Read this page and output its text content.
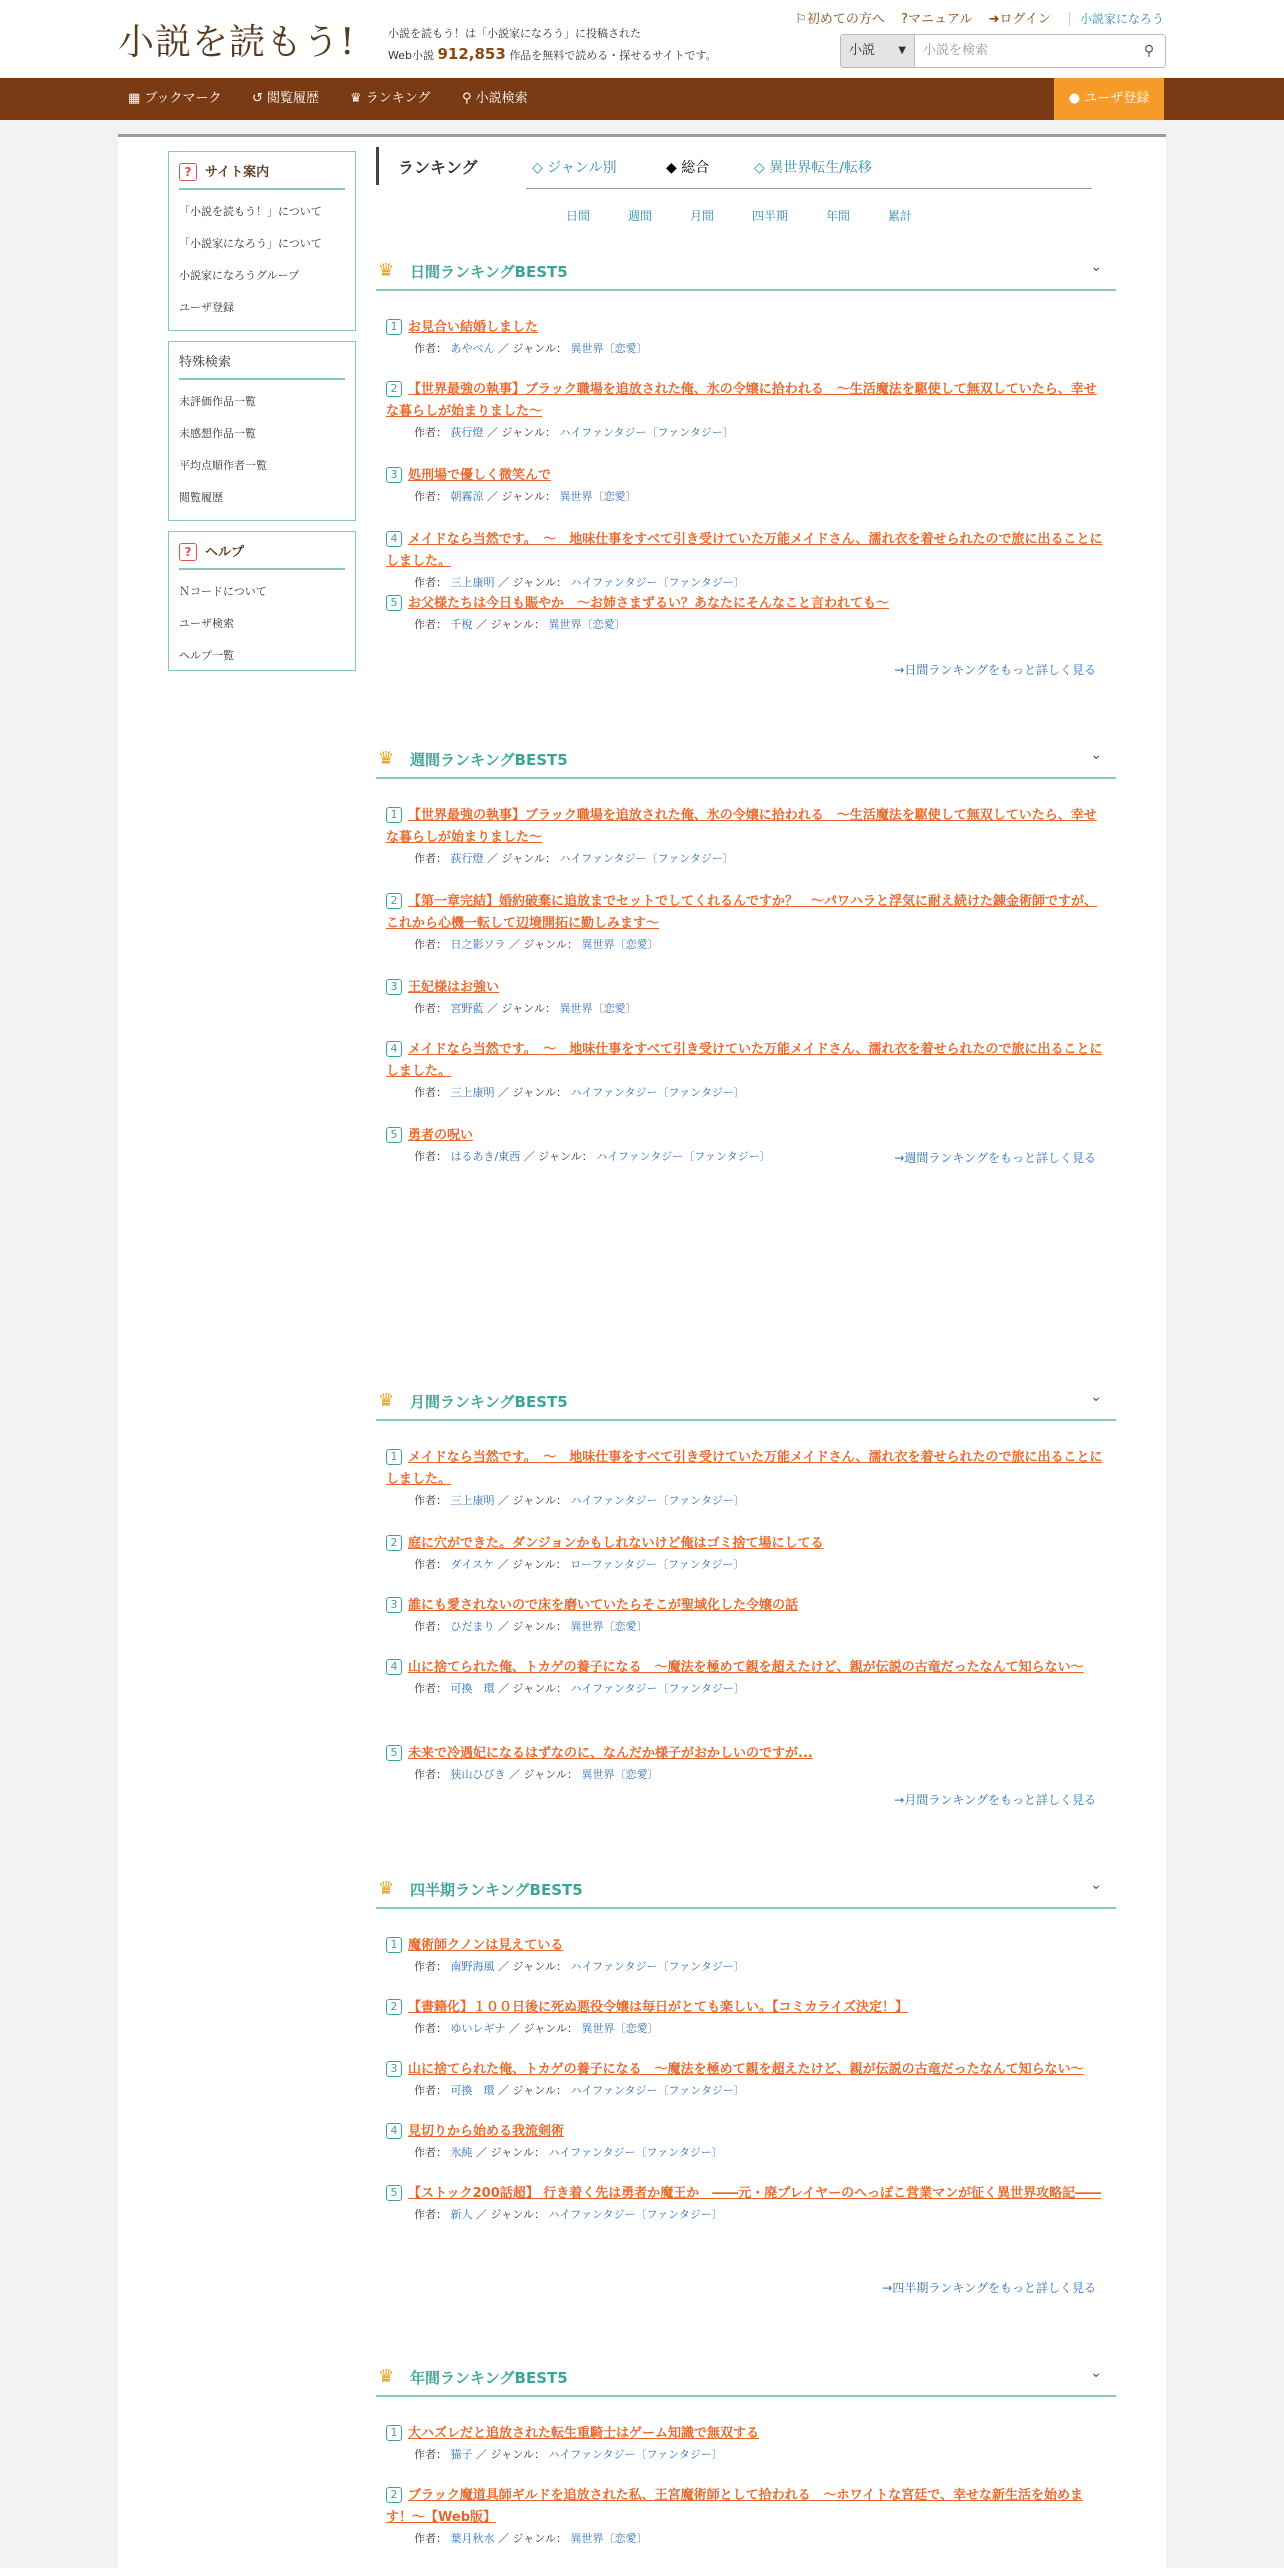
小説を読もう!	小説を読もう！は「小説家になろう」に投稿された
Web小説 912,853 作品を無料で読める・探せるサイトです。
⚐初めての方へ ?マニュアル ➜ログイン 小説家になろう
小説 ▼ 小説を検索	⚲
▦ ブックマーク ↺ 閲覧履歴 ♛ ランキング ⚲ 小説検索	● ユーザ登録
? サイト案内
「小説を読もう！」について
「小説家になろう」について
小説家になろうグループ
ユーザ登録
特殊検索
未評価作品一覧
未感想作品一覧
平均点順作者一覧
閲覧履歴
? ヘルプ
Ｎコードについて
ユーザ検索
ヘルプ一覧
ランキング	◇ ジャンル別	◆ 総合	◇ 異世界転生/転移
日間	週間	月間	四半期	年間	累計
♛ 日間ランキングBEST5	⌄
1 お見合い結婚しました
作者： あやべん ／ ジャンル： 異世界〔恋愛〕
2 【世界最強の執事】ブラック職場を追放された俺、氷の令嬢に拾われる　～生活魔法を駆使して無双していたら、幸せな暮らしが始まりました～
作者： 荻行燈 ／ ジャンル： ハイファンタジー〔ファンタジー〕
3 処刑場で優しく微笑んで
作者： 朝霧涼 ／ ジャンル： 異世界〔恋愛〕
4 メイドなら当然です。　〜　地味仕事をすべて引き受けていた万能メイドさん、濡れ衣を着せられたので旅に出ることにしました。
作者： 三上康明 ／ ジャンル： ハイファンタジー〔ファンタジー〕
5 お父様たちは今日も賑やか　～お姉さまずるい？あなたにそんなこと言われても～
作者： 千梲 ／ ジャンル： 異世界〔恋愛〕
→日間ランキングをもっと詳しく見る
♛ 週間ランキングBEST5	⌄
1 【世界最強の執事】ブラック職場を追放された俺、氷の令嬢に拾われる　～生活魔法を駆使して無双していたら、幸せな暮らしが始まりました～
作者： 荻行燈 ／ ジャンル： ハイファンタジー〔ファンタジー〕
2 【第一章完結】婚約破棄に追放までセットでしてくれるんですか？　～パワハラと浮気に耐え続けた錬金術師ですが、これから心機一転して辺境開拓に勤しみます～
作者： 日之影ソラ ／ ジャンル： 異世界〔恋愛〕
3 王妃様はお強い
作者： 宮野藍 ／ ジャンル： 異世界〔恋愛〕
4 メイドなら当然です。　〜　地味仕事をすべて引き受けていた万能メイドさん、濡れ衣を着せられたので旅に出ることにしました。
作者： 三上康明 ／ ジャンル： ハイファンタジー〔ファンタジー〕
5 勇者の呪い
作者： はるあき/東西 ／ ジャンル： ハイファンタジー〔ファンタジー〕	→週間ランキングをもっと詳しく見る
♛ 月間ランキングBEST5	⌄
1 メイドなら当然です。　〜　地味仕事をすべて引き受けていた万能メイドさん、濡れ衣を着せられたので旅に出ることにしました。
作者： 三上康明 ／ ジャンル： ハイファンタジー〔ファンタジー〕
2 庭に穴ができた。ダンジョンかもしれないけど俺はゴミ捨て場にしてる
作者： ダイスケ ／ ジャンル： ローファンタジー〔ファンタジー〕
3 誰にも愛されないので床を磨いていたらそこが聖域化した令嬢の話
作者： ひだまり ／ ジャンル： 異世界〔恋愛〕
4 山に捨てられた俺、トカゲの養子になる　～魔法を極めて親を超えたけど、親が伝説の古竜だったなんて知らない～
作者： 可換　環 ／ ジャンル： ハイファンタジー〔ファンタジー〕
5 未来で冷遇妃になるはずなのに、なんだか様子がおかしいのですが...
作者： 狭山ひびき ／ ジャンル： 異世界〔恋愛〕
→月間ランキングをもっと詳しく見る
♛ 四半期ランキングBEST5	⌄
1 魔術師クノンは見えている
作者： 南野海風 ／ ジャンル： ハイファンタジー〔ファンタジー〕
2 【書籍化】１００日後に死ぬ悪役令嬢は毎日がとても楽しい。【コミカライズ決定！】
作者： ゆいレギナ ／ ジャンル： 異世界〔恋愛〕
3 山に捨てられた俺、トカゲの養子になる　～魔法を極めて親を超えたけど、親が伝説の古竜だったなんて知らない～
作者： 可換　環 ／ ジャンル： ハイファンタジー〔ファンタジー〕
4 見切りから始める我流剣術
作者： 氷純 ／ ジャンル： ハイファンタジー〔ファンタジー〕
5 【ストック200話超】 行き着く先は勇者か魔王か　――元・廃プレイヤーのへっぽこ営業マンが征く異世界攻略記――
作者： 新人 ／ ジャンル： ハイファンタジー〔ファンタジー〕
→四半期ランキングをもっと詳しく見る
♛ 年間ランキングBEST5	⌄
1 大ハズレだと追放された転生重騎士はゲーム知識で無双する
作者： 猫子 ／ ジャンル： ハイファンタジー〔ファンタジー〕
2 ブラック魔道具師ギルドを追放された私、王宮魔術師として拾われる　～ホワイトな宮廷で、幸せな新生活を始めます！～【Web版】
作者： 葉月秋水 ／ ジャンル： 異世界〔恋愛〕
